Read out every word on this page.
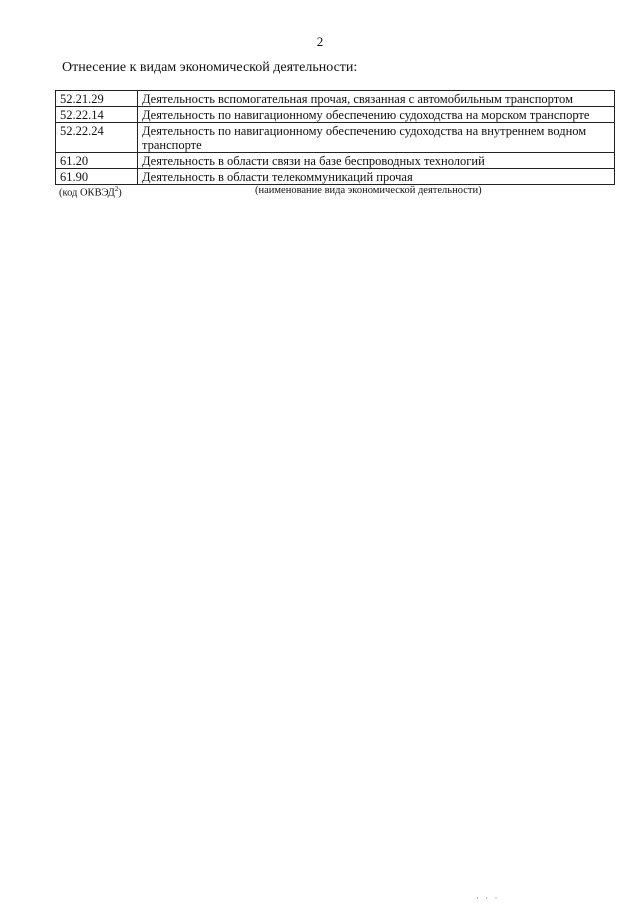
2
Отнесение к видам экономической деятельности:
52.21.29	Деятельность вспомогательная прочая, связанная с автомобильным транспортом
52.22.14	Деятельность по навигационному обеспечению судоходства на морском транспорте
52.22.24	Деятельность по навигационному обеспечению судоходства на внутреннем водном транспорте
61.20	Деятельность в области связи на базе беспроводных технологий
61.90	Деятельность в области телекоммуникаций прочая
(код ОКВЭД$^2$)	(наименование вида экономической деятельности)
· · ·
